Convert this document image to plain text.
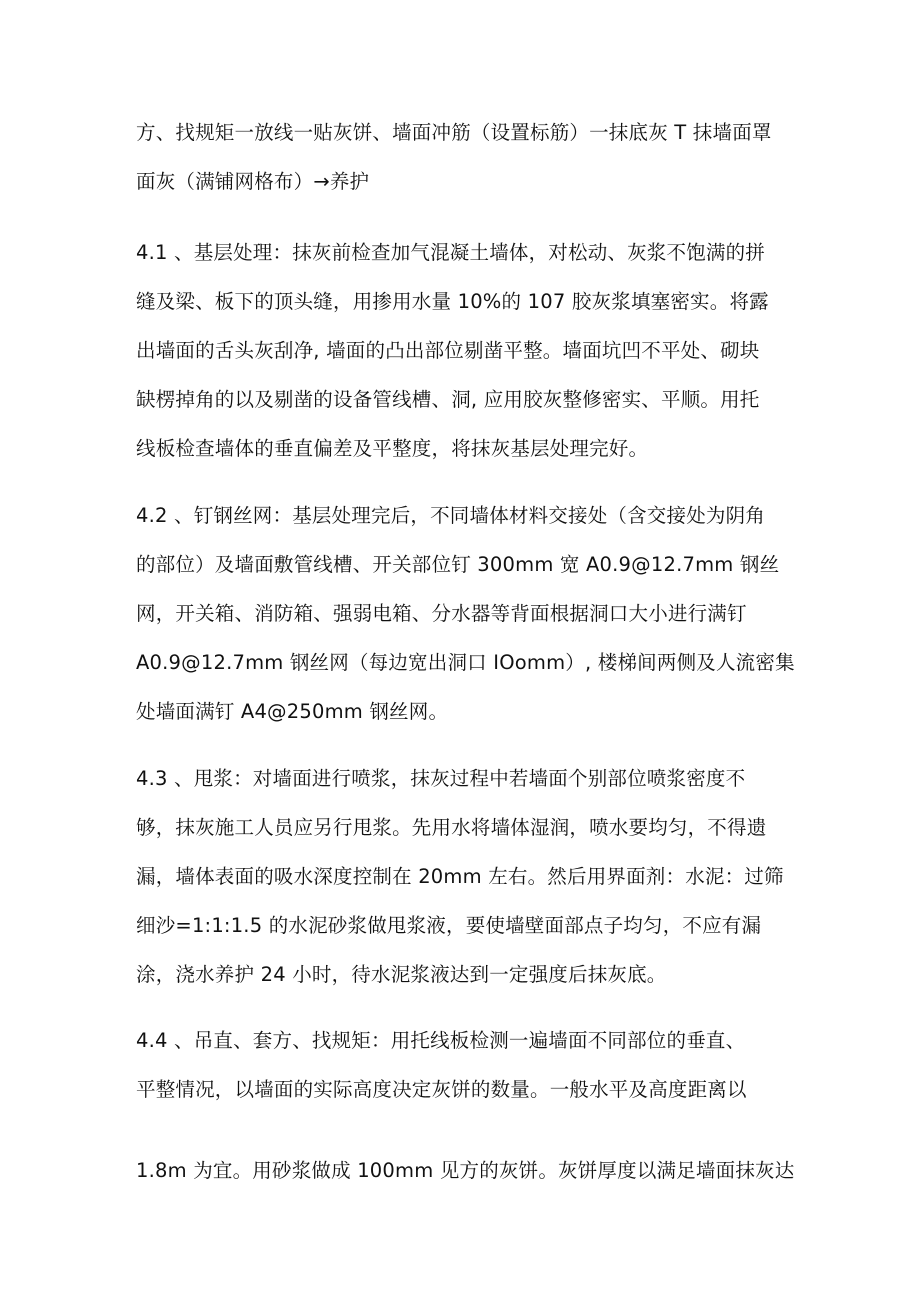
方、找规矩一放线一贴灰饼、墙面冲筋（设置标筋）一抹底灰 T 抹墙面罩
面灰（满铺网格布）→养护
4.1 、基层处理：抹灰前检查加气混凝土墙体，对松动、灰浆不饱满的拼
缝及梁、板下的顶头缝，用掺用水量 10%的 107 胶灰浆填塞密实。将露
出墙面的舌头灰刮净, 墙面的凸出部位剔凿平整。墙面坑凹不平处、砌块
缺楞掉角的以及剔凿的设备管线槽、洞, 应用胶灰整修密实、平顺。用托
线板检查墙体的垂直偏差及平整度，将抹灰基层处理完好。
4.2 、钉钢丝网：基层处理完后，不同墙体材料交接处（含交接处为阴角
的部位）及墙面敷管线槽、开关部位钉 300mm 宽 A0.9@12.7mm 钢丝
网，开关箱、消防箱、强弱电箱、分水器等背面根据洞口大小进行满钉
A0.9@12.7mm 钢丝网（每边宽出洞口 IOomm）, 楼梯间两侧及人流密集
处墙面满钉 A4@250mm 钢丝网。
4.3 、甩浆：对墙面进行喷浆，抹灰过程中若墙面个别部位喷浆密度不
够，抹灰施工人员应另行甩浆。先用水将墙体湿润，喷水要均匀，不得遗
漏，墙体表面的吸水深度控制在 20mm 左右。然后用界面剂：水泥：过筛
细沙=1:1:1.5 的水泥砂浆做甩浆液，要使墙壁面部点子均匀，不应有漏
涂，浇水养护 24 小时，待水泥浆液达到一定强度后抹灰底。
4.4 、吊直、套方、找规矩：用托线板检测一遍墙面不同部位的垂直、
平整情况，以墙面的实际高度决定灰饼的数量。一般水平及高度距离以
1.8m 为宜。用砂浆做成 100mm 见方的灰饼。灰饼厚度以满足墙面抹灰达
